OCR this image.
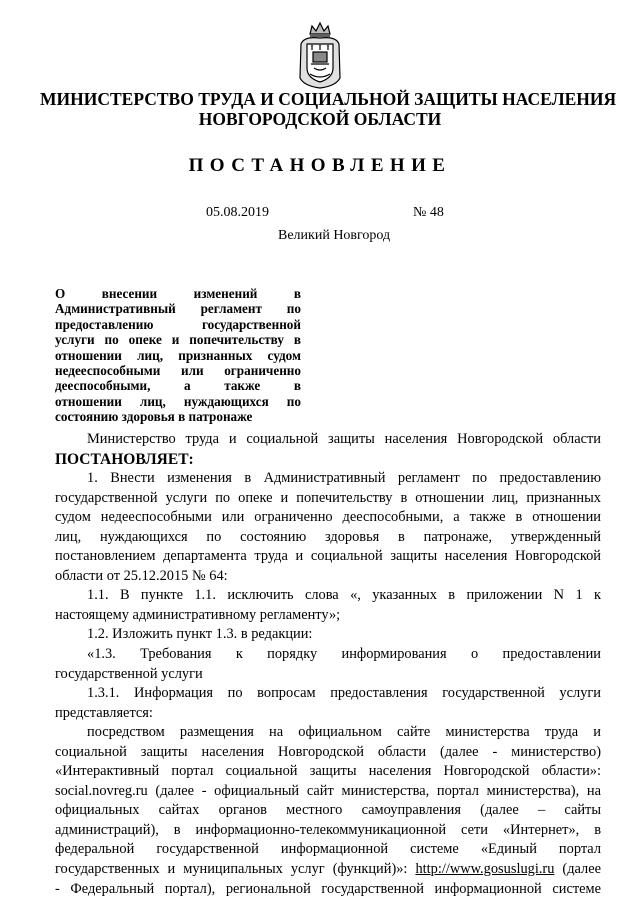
МИНИСТЕРСТВО ТРУДА И СОЦИАЛЬНОЙ ЗАЩИТЫ НАСЕЛЕНИЯ
НОВГОРОДСКОЙ ОБЛАСТИ
ПОСТАНОВЛЕНИЕ
05.08.2019	№ 48
Великий Новгород
О внесении изменений в
Административный регламент по
предоставлению государственной
услуги по опеке и попечительству в
отношении лиц, признанных судом
недееспособными или ограниченно
дееспособными, а также в
отношении лиц, нуждающихся по
состоянию здоровья в патронаже
Министерство труда и социальной защиты населения Новгородской области
ПОСТАНОВЛЯЕТ:
1. Внести изменения в Административный регламент по предоставлению
государственной услуги по опеке и попечительству в отношении лиц, признанных
судом недееспособными или ограниченно дееспособными, а также в отношении
лиц, нуждающихся по состоянию здоровья в патронаже, утвержденный
постановлением департамента труда и социальной защиты населения Новгородской
области от 25.12.2015 № 64:
1.1. В пункте 1.1. исключить слова «, указанных в приложении N 1 к
настоящему административному регламенту»;
1.2. Изложить пункт 1.3. в редакции:
«1.3. Требования к порядку информирования о предоставлении
государственной услуги
1.3.1. Информация по вопросам предоставления государственной услуги
представляется:
посредством размещения на официальном сайте министерства труда и
социальной защиты населения Новгородской области (далее - министерство)
«Интерактивный портал социальной защиты населения Новгородской области»:
social.novreg.ru (далее - официальный сайт министерства, портал министерства), на
официальных сайтах органов местного самоуправления (далее – сайты
администраций), в информационно-телекоммуникационной сети «Интернет», в
федеральной государственной информационной системе «Единый портал
государственных и муниципальных услуг (функций)»: http://www.gosuslugi.ru (далее
- Федеральный портал), региональной государственной информационной системе
